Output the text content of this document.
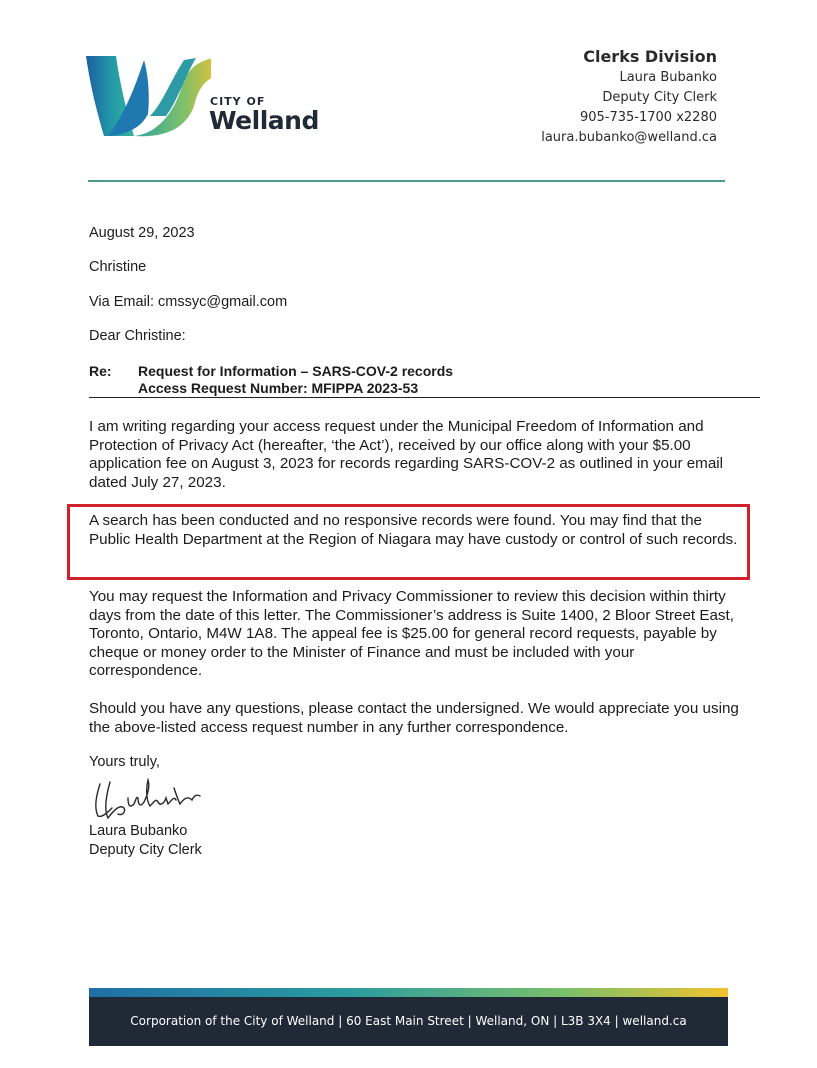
CITY OF
Welland
Clerks Division
Laura Bubanko
Deputy City Clerk
905-735-1700 x2280
laura.bubanko@welland.ca
August 29, 2023
Christine
Via Email: cmssyc@gmail.com
Dear Christine:
Re: Request for Information – SARS-COV-2 records
Access Request Number: MFIPPA 2023-53

I am writing regarding your access request under the Municipal Freedom of Information and Protection of Privacy Act (hereafter, ‘the Act’), received by our office along with your $5.00 application fee on August 3, 2023 for records regarding SARS-COV-2 as outlined in your email dated July 27, 2023.

A search has been conducted and no responsive records were found. You may find that the Public Health Department at the Region of Niagara may have custody or control of such records.

You may request the Information and Privacy Commissioner to review this decision within thirty days from the date of this letter. The Commissioner’s address is Suite 1400, 2 Bloor Street East, Toronto, Ontario, M4W 1A8. The appeal fee is $25.00 for general record requests, payable by cheque or money order to the Minister of Finance and must be included with your correspondence.

Should you have any questions, please contact the undersigned. We would appreciate you using the above-listed access request number in any further correspondence.

Yours truly,
Laura Bubanko
Deputy City Clerk
Corporation of the City of Welland | 60 East Main Street | Welland, ON | L3B 3X4 | welland.ca
